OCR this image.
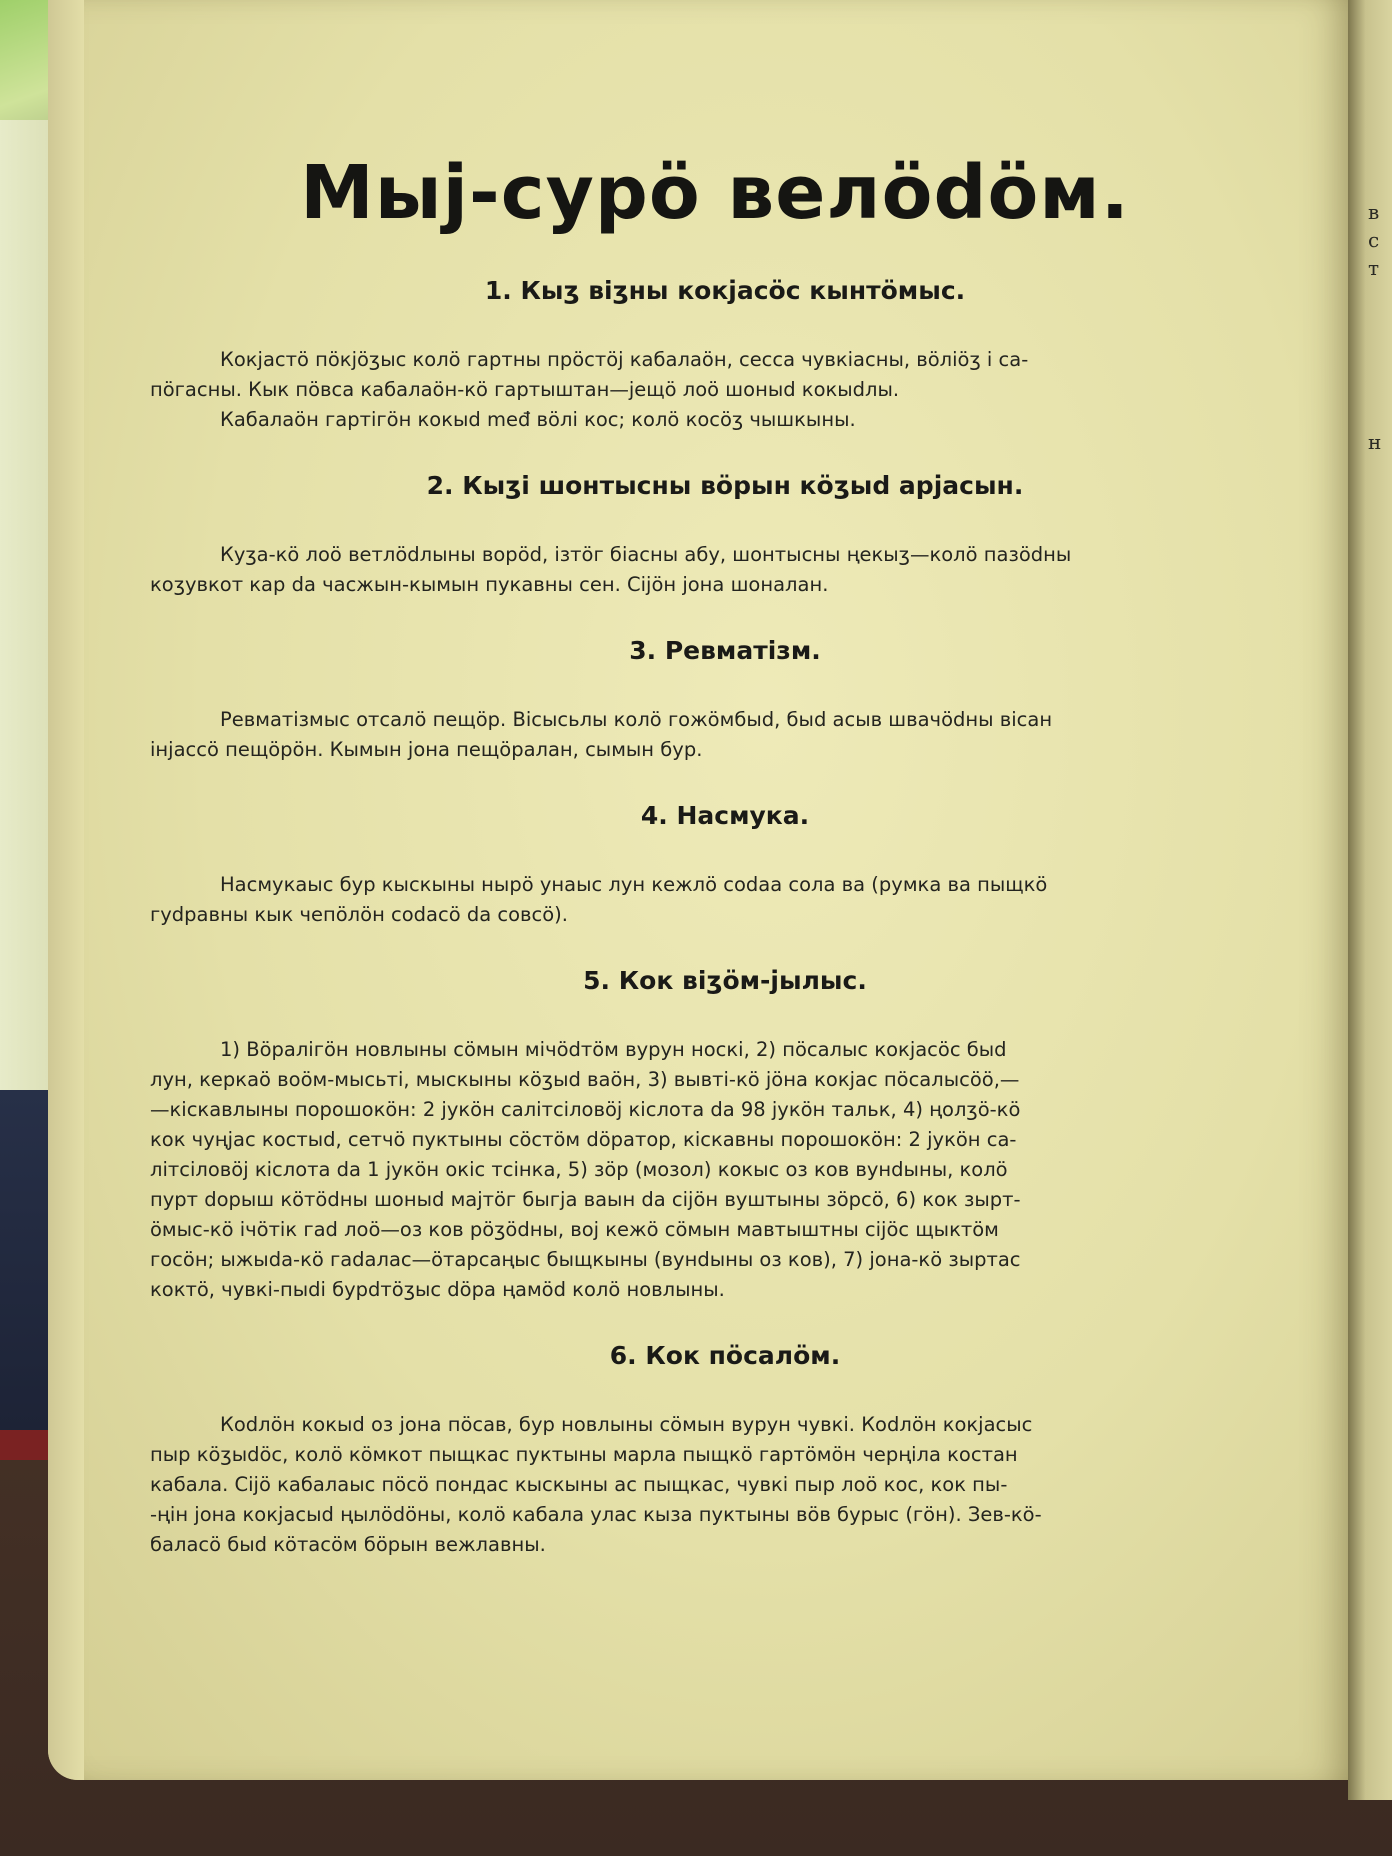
в
с
т
н
Мыј-сурӧ велӧdӧм.
1. Кыӡ віӡны кокјасӧс кынтӧмыс.
Кокјастӧ пӧкјӧӡыс колӧ гартны прӧстӧј кабалаӧн, сесса чувкіасны, вӧліӧӡ i са-
пӧгасны. Кык пӧвса кабалаӧн-кӧ гартыштан—јещӧ лоӧ шоныd кокыdлы.
Кабалаӧн гартігӧн кокыd međ вӧлі кос; колӧ косӧӡ чышкыны.
2. Кыӡі шонтысны вӧрын кӧӡыd арјасын.
Куӡа-кӧ лоӧ ветлӧdлыны ворӧd, iзтӧг біасны абу, шонтысны ңекыӡ—колӧ пазӧdны
коӡувкот кар da часжын-кымын пукавны сен. Сiјӧн јона шоналан.
3. Ревматiзм.
Ревматiзмыс отсалӧ пещӧр. Віcысьлы колӧ гожӧмбыd, быd асыв швачӧdны віcан
iнјассӧ пещӧрӧн. Кымын јона пещӧралан, сымын бур.
4. Насмука.
Насмукаыс бур кыскыны нырӧ унаыс лун кежлӧ соdaa сола ва (румка ва пыщкӧ
гуdравны кык чепӧлӧн соdасӧ da совсӧ).
5. Кок віӡӧм-јылыс.
1) Вӧралігӧн новлыны сӧмын мiчӧdтӧм вурун носкі, 2) пӧсалыс кокјасӧс быd
лун, керкаӧ воӧм-мысьті, мыскыны кӧӡыd ваӧн, 3) вывті-кӧ јӧна кокјас пӧсалысӧӧ,—
—кіскавлыны порошокӧн: 2 јукӧн салiтсiловӧј кiслота da 98 јукӧн тальк, 4) ңолӡӧ-кӧ
кок чуңјас костыd, сетчӧ пуктыны сӧстӧм dӧратор, кіскавны порошокӧн: 2 јукӧн са-
лiтсiловӧј кiслота da 1 јукӧн окіс тсiнка, 5) зӧр (мозол) кокыс оз ков вунdыны, колӧ
пурт dорыш кӧтӧdны шоныd мајтӧг быгја ваын da сiјӧн вуштыны зӧрсӧ, 6) кок зырт-
ӧмыс-кӧ iчӧтік гаd лоӧ—оз ков рӧӡӧdны, воj кежӧ сӧмын мавтыштны сiјӧс щыктӧм
госӧн; ыжыdа-кӧ гаdалас—ӧтарсаңыс быщкыны (вунdыны оз ков), 7) јона-кӧ зыртас
коктӧ, чувкі-пыdi бурdтӧӡыс dӧра ңамӧd колӧ новлыны.
6. Кок пӧсалӧм.
Коdлӧн кокыd оз јона пӧсав, бур новлыны сӧмын вурун чувкі. Коdлӧн кокјасыс
пыр кӧӡыdӧс, колӧ кӧмкот пыщкас пуктыны марла пыщкӧ гартӧмӧн черңiла костан
кабала. Сiјӧ кабалаыс пӧсӧ пондас кыскыны ас пыщкас, чувкі пыр лоӧ кос, кок пы-
-ңін јона кокјасыd ңылӧdӧны, колӧ кабала улас кыза пуктыны вӧв бурыс (гӧн). Зев-кӧ-
баласӧ быd кӧтасӧм бӧрын вежлавны.
